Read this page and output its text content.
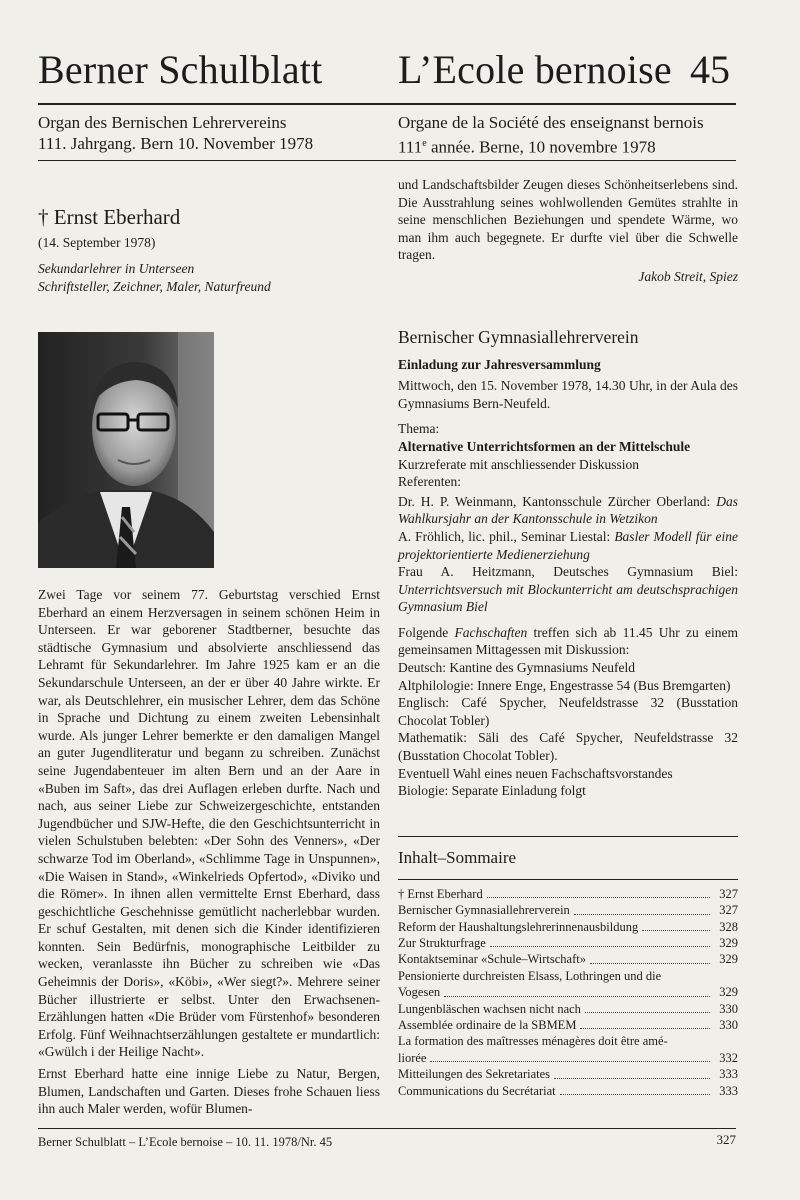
Berner Schulblatt L’Ecole bernoise 45
Organ des Bernischen Lehrervereins
111. Jahrgang. Bern 10. November 1978
Organe de la Société des enseignanst bernois
111e année. Berne, 10 novembre 1978
† Ernst Eberhard
(14. September 1978)
Sekundarlehrer in Unterseen
Schriftsteller, Zeichner, Maler, Naturfreund

Zwei Tage vor seinem 77. Geburtstag verschied Ernst Eberhard an einem Herzversagen in seinem schönen Heim in Unterseen. Er war geborener Stadtberner, besuchte das städtische Gymnasium und absolvierte anschliessend das Lehramt für Sekundarlehrer. Im Jahre 1925 kam er an die Sekundarschule Unterseen, an der er über 40 Jahre wirkte. Er war, als Deutschlehrer, ein musischer Lehrer, dem das Schöne in Sprache und Dichtung zu einem zweiten Lebensinhalt wurde. Als junger Lehrer bemerkte er den damaligen Mangel an guter Jugendliteratur und begann zu schreiben. Zunächst seine Jugendabenteuer im alten Bern und an der Aare in «Buben im Saft», das drei Auflagen erleben durfte. Nach und nach, aus seiner Liebe zur Schweizergeschichte, entstanden Jugendbücher und SJW-Hefte, die den Geschichtsunterricht in vielen Schulstuben belebten: «Der Sohn des Venners», «Der schwarze Tod im Oberland», «Schlimme Tage in Unspunnen», «Die Waisen in Stand», «Winkelrieds Opfertod», «Diviko und die Römer». In ihnen allen vermittelte Ernst Eberhard, dass geschichtliche Geschehnisse gemütlicht nacherlebbar wurden. Er schuf Gestalten, mit denen sich die Kinder identifizieren konnten. Sein Bedürfnis, monographische Leitbilder zu wecken, veranlasste ihn Bücher zu schreiben wie «Das Geheimnis der Doris», «Köbi», «Wer siegt?». Mehrere seiner Bücher illustrierte er selbst. Unter den Erwachsenen-Erzählungen hatten «Die Brüder vom Fürstenhof» besonderen Erfolg. Fünf Weihnachtserzählungen gestaltete er mundartlich: «Gwülch i der Heilige Nacht».

Ernst Eberhard hatte eine innige Liebe zu Natur, Bergen, Blumen, Landschaften und Garten. Dieses frohe Schauen liess ihn auch Maler werden, wofür Blumen-

und Landschaftsbilder Zeugen dieses Schönheitserlebens sind. Die Ausstrahlung seines wohlwollenden Gemütes strahlte in seine menschlichen Beziehungen und spendete Wärme, wo man ihm auch begegnete. Er durfte viel über die Schwelle tragen.

Jakob Streit, Spiez
Bernischer Gymnasiallehrerverein
Einladung zur Jahresversammlung
Mittwoch, den 15. November 1978, 14.30 Uhr, in der Aula des Gymnasiums Bern-Neufeld.
Thema:
Alternative Unterrichtsformen an der Mittelschule
Kurzreferate mit anschliessender Diskussion
Referenten:
Dr. H. P. Weinmann, Kantonsschule Zürcher Oberland: Das Wahlkursjahr an der Kantonsschule in Wetzikon
A. Fröhlich, lic. phil., Seminar Liestal: Basler Modell für eine projektorientierte Medienerziehung
Frau A. Heitzmann, Deutsches Gymnasium Biel: Unterrichtsversuch mit Blockunterricht am deutschsprachigen Gymnasium Biel
Folgende Fachschaften treffen sich ab 11.45 Uhr zu einem gemeinsamen Mittagessen mit Diskussion:
Deutsch: Kantine des Gymnasiums Neufeld
Altphilologie: Innere Enge, Engestrasse 54 (Bus Bremgarten)
Englisch: Café Spycher, Neufeldstrasse 32 (Busstation Chocolat Tobler)
Mathematik: Säli des Café Spycher, Neufeldstrasse 32 (Busstation Chocolat Tobler).
Eventuell Wahl eines neuen Fachschaftsvorstandes
Biologie: Separate Einladung folgt
Inhalt–Sommaire
† Ernst Eberhard	327
Bernischer Gymnasiallehrerverein	327
Reform der Haushaltungslehrerinnenausbildung	328
Zur Strukturfrage	329
Kontaktseminar «Schule–Wirtschaft»	329
Pensionierte durchreisten Elsass, Lothringen und die
Vogesen	329
Lungenbläschen wachsen nicht nach	330
Assemblée ordinaire de la SBMEM	330
La formation des maîtresses ménagères doit être amé-
liorée	332
Mitteilungen des Sekretariates	333
Communications du Secrétariat	333
Berner Schulblatt – L’Ecole bernoise – 10. 11. 1978/Nr. 45	327
